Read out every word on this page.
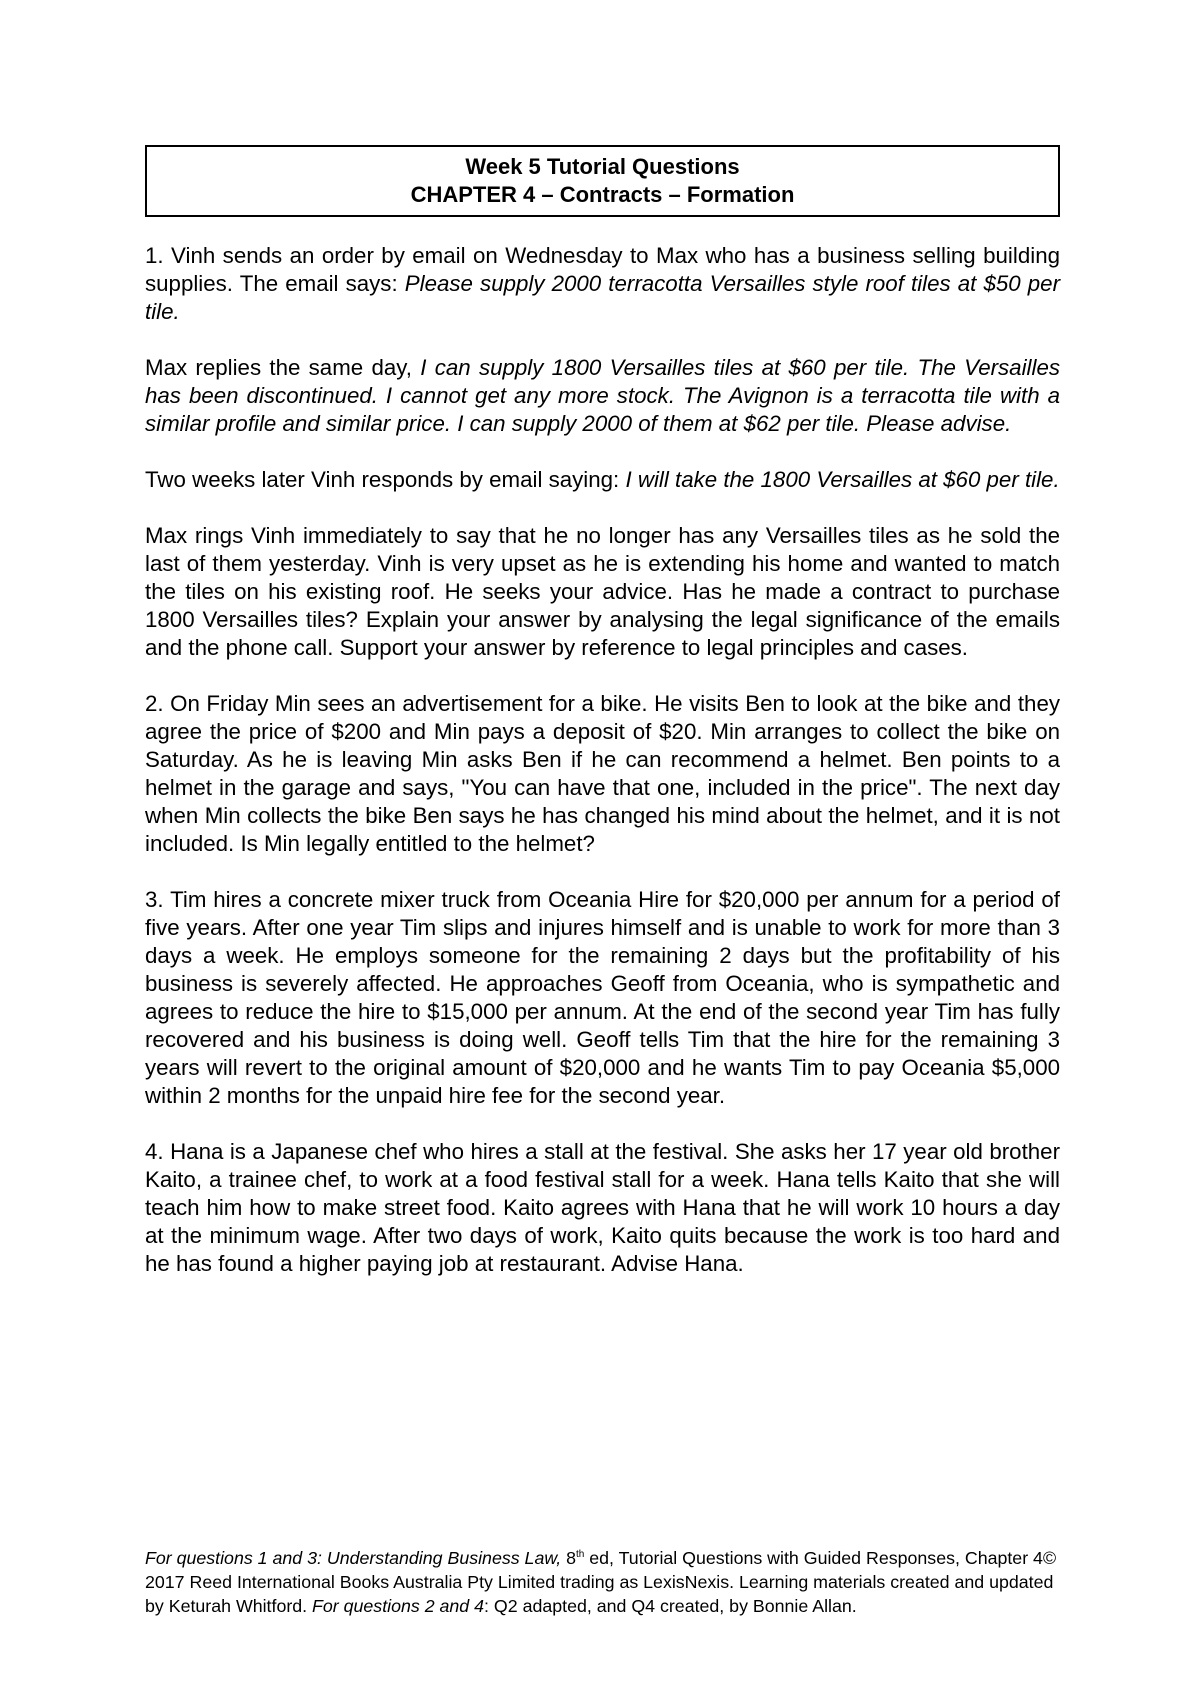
Week 5 Tutorial Questions
CHAPTER 4 – Contracts – Formation

1. Vinh sends an order by email on Wednesday to Max who has a business selling building supplies. The email says: Please supply 2000 terracotta Versailles style roof tiles at $50 per tile.

Max replies the same day, I can supply 1800 Versailles tiles at $60 per tile. The Versailles has been discontinued. I cannot get any more stock. The Avignon is a terracotta tile with a similar profile and similar price. I can supply 2000 of them at $62 per tile. Please advise.

Two weeks later Vinh responds by email saying: I will take the 1800 Versailles at $60 per tile.

Max rings Vinh immediately to say that he no longer has any Versailles tiles as he sold the last of them yesterday. Vinh is very upset as he is extending his home and wanted to match the tiles on his existing roof. He seeks your advice. Has he made a contract to purchase 1800 Versailles tiles? Explain your answer by analysing the legal significance of the emails and the phone call. Support your answer by reference to legal principles and cases.

2. On Friday Min sees an advertisement for a bike. He visits Ben to look at the bike and they agree the price of $200 and Min pays a deposit of $20. Min arranges to collect the bike on Saturday. As he is leaving Min asks Ben if he can recommend a helmet. Ben points to a helmet in the garage and says, "You can have that one, included in the price". The next day when Min collects the bike Ben says he has changed his mind about the helmet, and it is not included. Is Min legally entitled to the helmet?

3. Tim hires a concrete mixer truck from Oceania Hire for $20,000 per annum for a period of five years. After one year Tim slips and injures himself and is unable to work for more than 3 days a week. He employs someone for the remaining 2 days but the profitability of his business is severely affected. He approaches Geoff from Oceania, who is sympathetic and agrees to reduce the hire to $15,000 per annum. At the end of the second year Tim has fully recovered and his business is doing well. Geoff tells Tim that the hire for the remaining 3 years will revert to the original amount of $20,000 and he wants Tim to pay Oceania $5,000 within 2 months for the unpaid hire fee for the second year.

4. Hana is a Japanese chef who hires a stall at the festival. She asks her 17 year old brother Kaito, a trainee chef, to work at a food festival stall for a week. Hana tells Kaito that she will teach him how to make street food. Kaito agrees with Hana that he will work 10 hours a day at the minimum wage. After two days of work, Kaito quits because the work is too hard and he has found a higher paying job at restaurant. Advise Hana.

For questions 1 and 3: Understanding Business Law, 8th ed, Tutorial Questions with Guided Responses, Chapter 4© 2017 Reed International Books Australia Pty Limited trading as LexisNexis. Learning materials created and updated by Keturah Whitford. For questions 2 and 4: Q2 adapted, and Q4 created, by Bonnie Allan.
